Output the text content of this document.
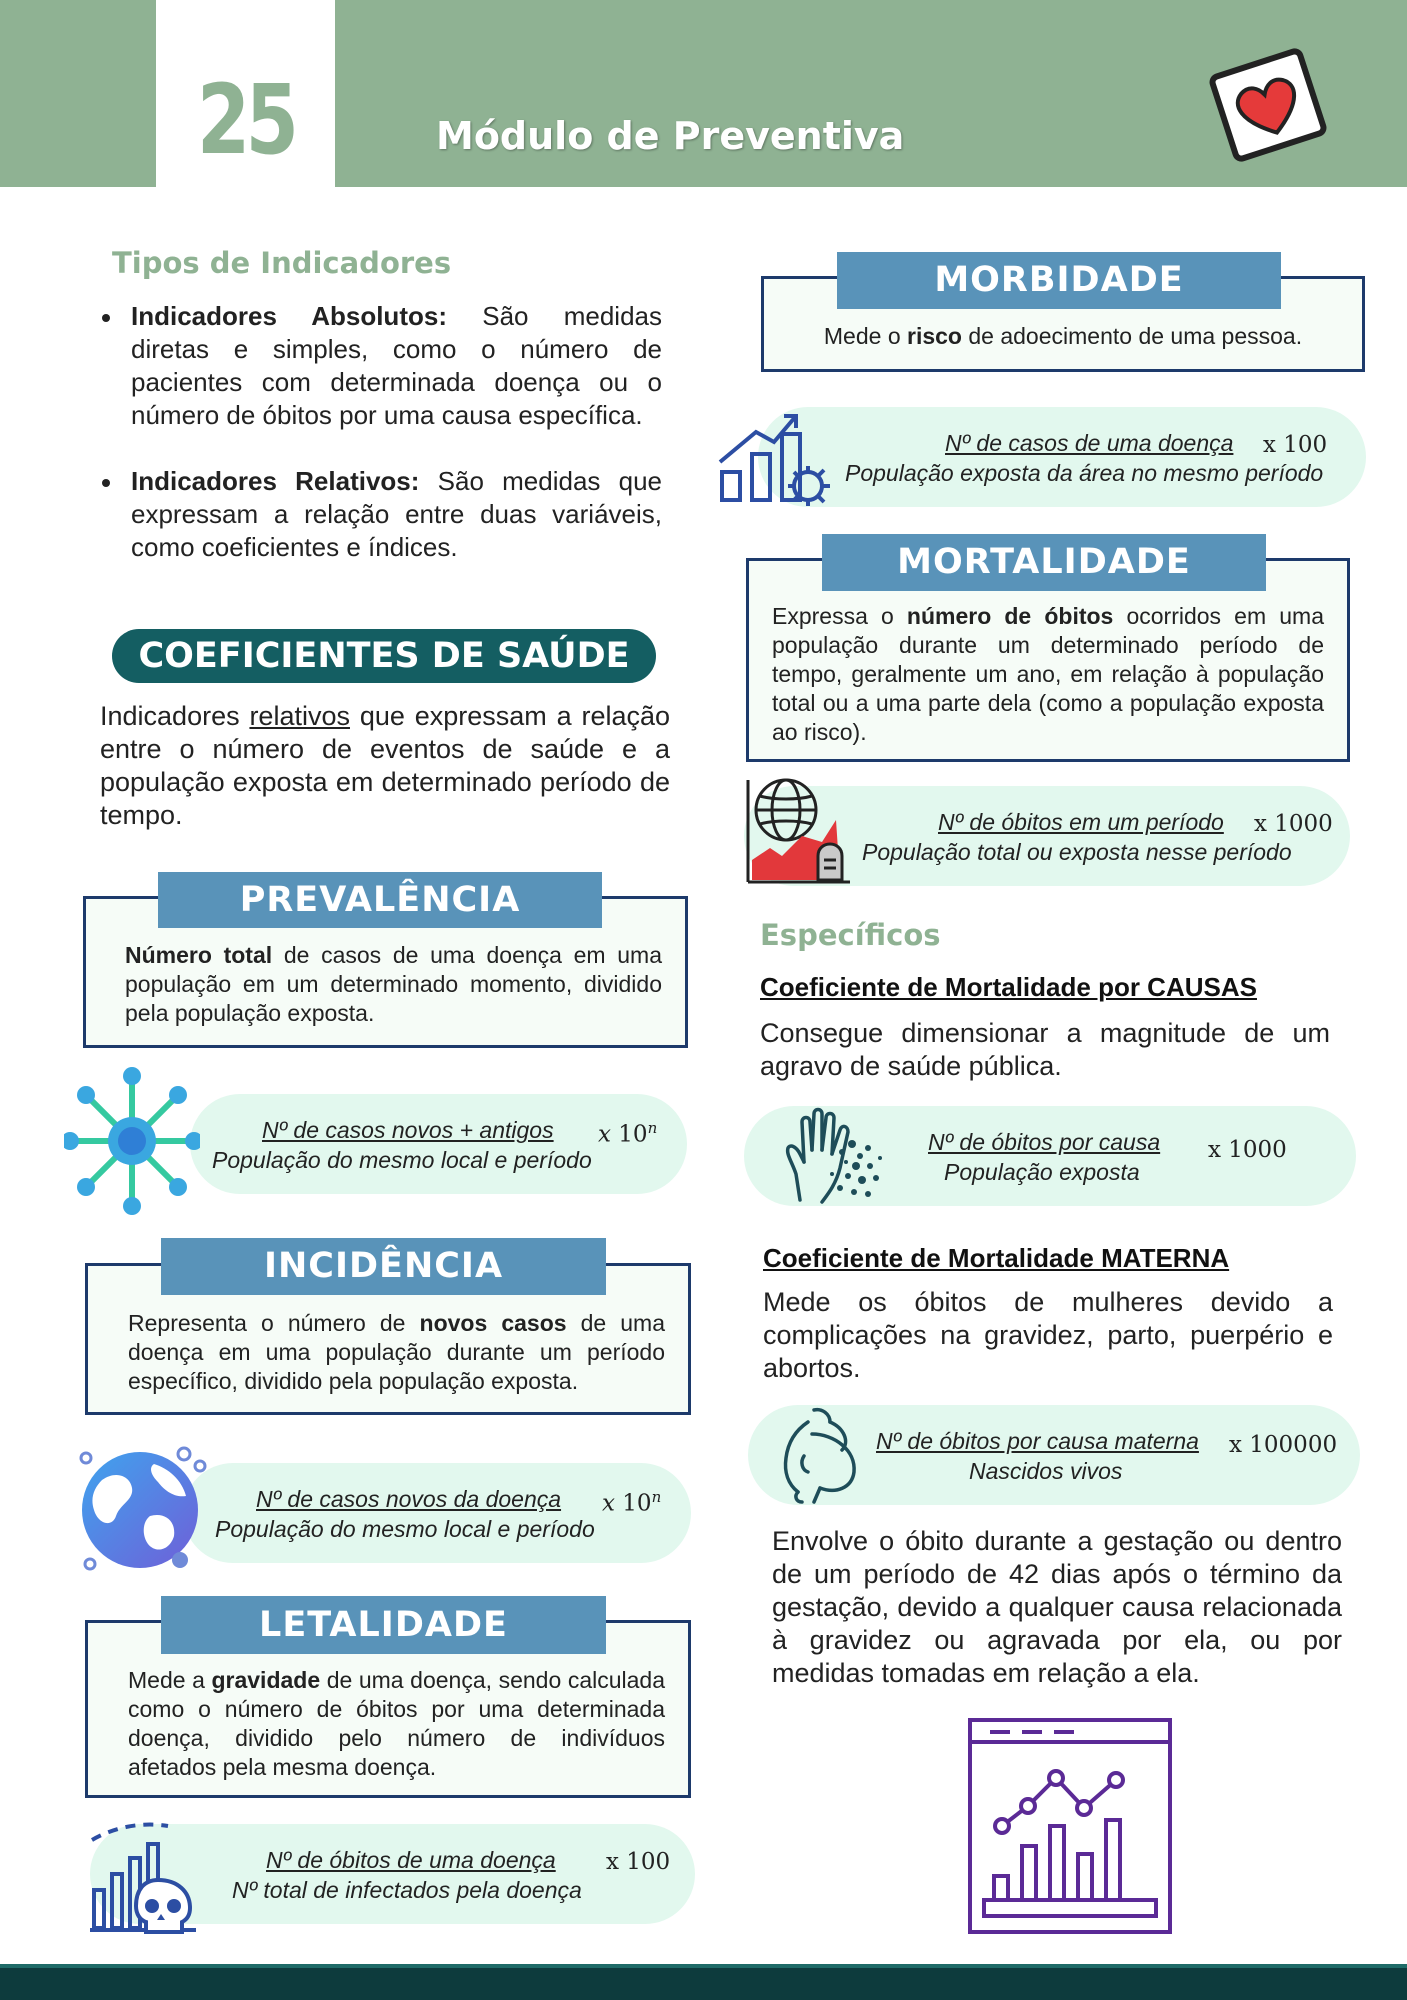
25	Módulo de Preventiva
Tipos de Indicadores
Indicadores Absolutos: São medidas diretas e simples, como o número de pacientes com determinada doença ou o número de óbitos por uma causa específica.
Indicadores Relativos: São medidas que expressam a relação entre duas variáveis, como coeficientes e índices.
COEFICIENTES DE SAÚDE
Indicadores relativos que expressam a relação entre o número de eventos de saúde e a população exposta em determinado período de tempo.
PREVALÊNCIA
Número total de casos de uma doença em uma população em um determinado momento, dividido pela população exposta.
Nº de casos novos + antigos
População do mesmo local e período
x 10$^n$
INCIDÊNCIA
Representa o número de novos casos de uma doença em uma população durante um período específico, dividido pela população exposta.
Nº de casos novos da doença
População do mesmo local e período
x 10$^n$
LETALIDADE
Mede a gravidade de uma doença, sendo calculada como o número de óbitos por uma determinada doença, dividido pelo número de indivíduos afetados pela mesma doença.
Nº de óbitos de uma doença
Nº total de infectados pela doença
x 100
MORBIDADE
Mede o risco de adoecimento de uma pessoa.
Nº de casos de uma doença
População exposta da área no mesmo período
x 100
MORTALIDADE
Expressa o número de óbitos ocorridos em uma população durante um determinado período de tempo, geralmente um ano, em relação à população total ou a uma parte dela (como a população exposta ao risco).
Nº de óbitos em um período
População total ou exposta nesse período
x 1000
Específicos
Coeficiente de Mortalidade por CAUSAS
Consegue dimensionar a magnitude de um agravo de saúde pública.
Nº de óbitos por causa
População exposta
x 1000
Coeficiente de Mortalidade MATERNA
Mede os óbitos de mulheres devido a complicações na gravidez, parto, puerpério e abortos.
Nº de óbitos por causa materna
Nascidos vivos
x 100000
Envolve o óbito durante a gestação ou dentro de um período de 42 dias após o término da gestação, devido a qualquer causa relacionada à gravidez ou agravada por ela, ou por medidas tomadas em relação a ela.
